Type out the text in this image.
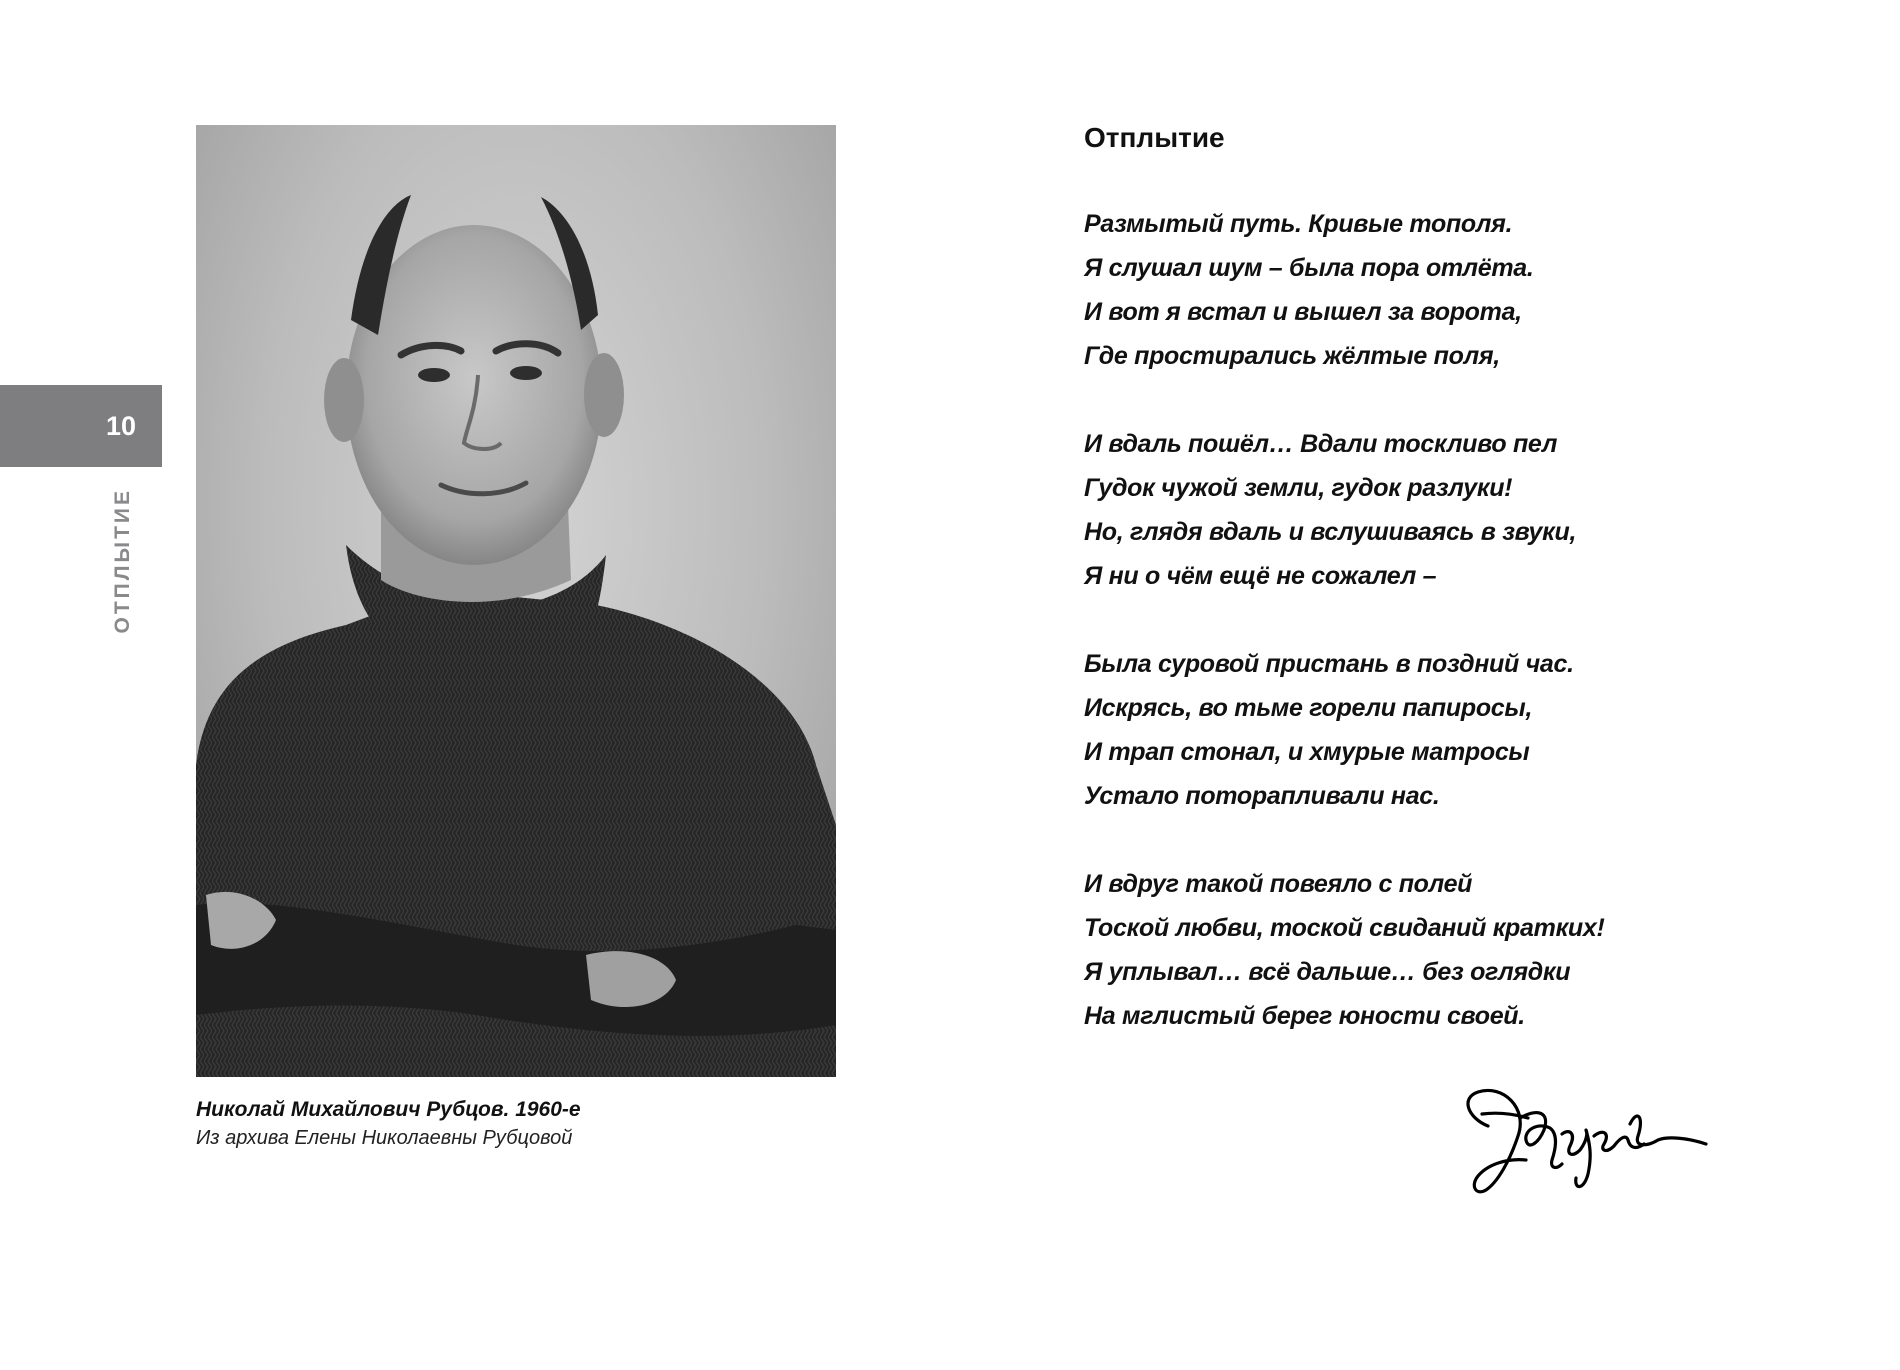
10
ОТПЛЫТИЕ
Николай Михайлович Рубцов. 1960-е
Из архива Елены Николаевны Рубцовой
Отплытие
Размытый путь. Кривые тополя.
Я слушал шум – была пора отлёта.
И вот я встал и вышел за ворота,
Где простирались жёлтые поля,
И вдаль пошёл… Вдали тоскливо пел
Гудок чужой земли, гудок разлуки!
Но, глядя вдаль и вслушиваясь в звуки,
Я ни о чём ещё не сожалел –
Была суровой пристань в поздний час.
Искрясь, во тьме горели папиросы,
И трап стонал, и хмурые матросы
Устало поторапливали нас.
И вдруг такой повеяло с полей
Тоской любви, тоской свиданий кратких!
Я уплывал… всё дальше… без оглядки
На мглистый берег юности своей.
